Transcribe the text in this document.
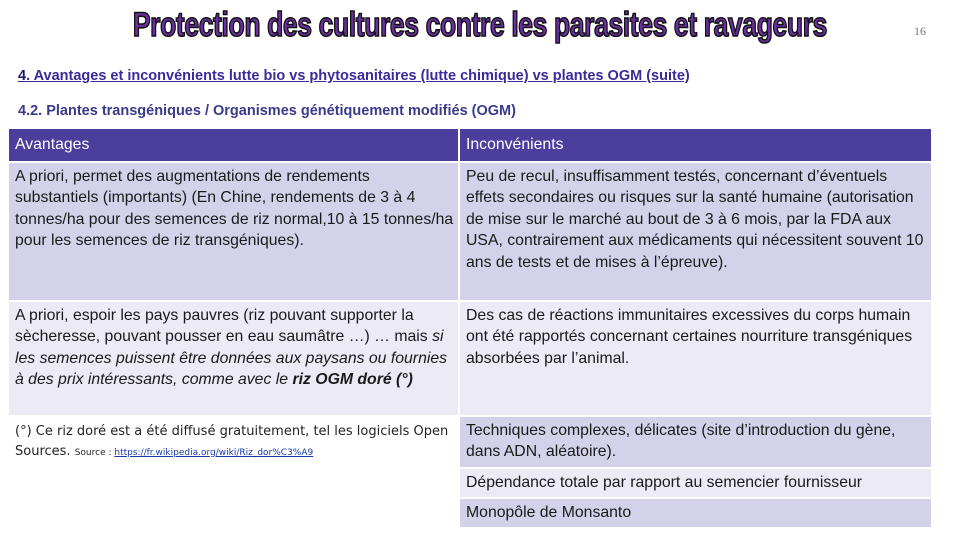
Protection des cultures contre les parasites et ravageurs	16
4. Avantages et inconvénients lutte bio vs phytosanitaires (lutte chimique) vs plantes OGM (suite)
4.2. Plantes transgéniques / Organismes génétiquement modifiés (OGM)
Avantages	Inconvénients
A priori, permet des augmentations de rendements substantiels (importants) (En Chine, rendements de 3 à 4 tonnes/ha pour des semences de riz normal,10 à 15 tonnes/ha pour les semences de riz transgéniques).
Peu de recul, insuffisamment testés, concernant d’éventuels effets secondaires ou risques sur la santé humaine (autorisation de mise sur le marché au bout de 3 à 6 mois, par la FDA aux USA, contrairement aux médicaments qui nécessitent souvent 10 ans de tests et de mises à l’épreuve).
A priori, espoir les pays pauvres (riz pouvant supporter la sècheresse, pouvant pousser en eau saumâtre …) … mais si les semences puissent être données aux paysans ou fournies à des prix intéressants, comme avec le riz OGM doré (°)
Des cas de réactions immunitaires excessives du corps humain ont été rapportés concernant certaines nourriture transgéniques absorbées par l’animal.
(°) Ce riz doré est a été diffusé gratuitement, tel les logiciels Open Sources. Source : https://fr.wikipedia.org/wiki/Riz_dor%C3%A9
Techniques complexes, délicates (site d’introduction du gène, dans ADN, aléatoire).
Dépendance totale par rapport au semencier fournisseur
Monopôle de Monsanto
